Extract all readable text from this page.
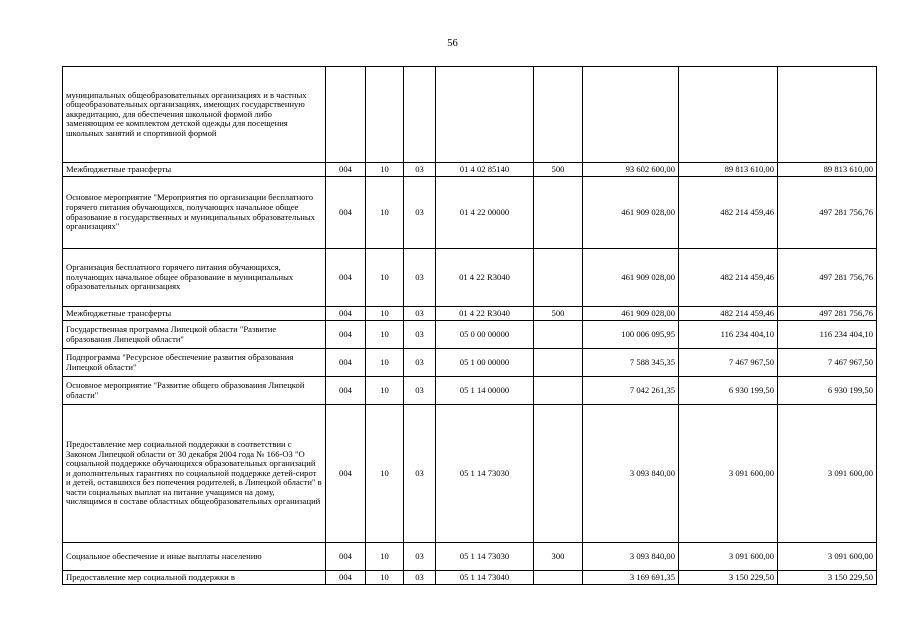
56
муниципальных общеобразовательных организациях и в частных общеобразовательных организациях, имеющих государственную аккредитацию, для обеспечения школьной формой либо заменяющим ее комплектом детской одежды для посещения школьных занятий и спортивной формой								
Межбюджетные трансферты	004	10	03	01 4 02 85140	500	93 602 600,00	89 813 610,00	89 813 610,00
Основное мероприятие "Мероприятия по организации бесплатного горячего питания обучающихся, получающих начальное общее образование в государственных и муниципальных образовательных организациях"	004	10	03	01 4 22 00000		461 909 028,00	482 214 459,46	497 281 756,76
Организация бесплатного горячего питания обучающихся, получающих начальное общее образование в муниципальных образовательных организациях	004	10	03	01 4 22 R3040		461 909 028,00	482 214 459,46	497 281 756,76
Межбюджетные трансферты	004	10	03	01 4 22 R3040	500	461 909 028,00	482 214 459,46	497 281 756,76
Государственная программа Липецкой области "Развитие образования Липецкой области"	004	10	03	05 0 00 00000		100 006 095,95	116 234 404,10	116 234 404,10
Подпрограмма "Ресурсное обеспечение развития образования Липецкой области"	004	10	03	05 1 00 00000		7 588 345,35	7 467 967,50	7 467 967,50
Основное мероприятие "Развитие общего образования Липецкой области"	004	10	03	05 1 14 00000		7 042 261,35	6 930 199,50	6 930 199,50
Предоставление мер социальной поддержки в соответствии с Законом Липецкой области от 30 декабря 2004 года № 166-ОЗ "О социальной поддержке обучающихся образовательных организаций и дополнительных гарантиях по социальной поддержке детей-сирот и детей, оставшихся без попечения родителей, в Липецкой области" в части социальных выплат на питание учащимся на дому, числящимся в составе областных общеобразовательных организаций	004	10	03	05 1 14 73030		3 093 840,00	3 091 600,00	3 091 600,00
Социальное обеспечение и иные выплаты населению	004	10	03	05 1 14 73030	300	3 093 840,00	3 091 600,00	3 091 600,00
Предоставление мер социальной поддержки в	004	10	03	05 1 14 73040		3 169 691,35	3 150 229,50	3 150 229,50
